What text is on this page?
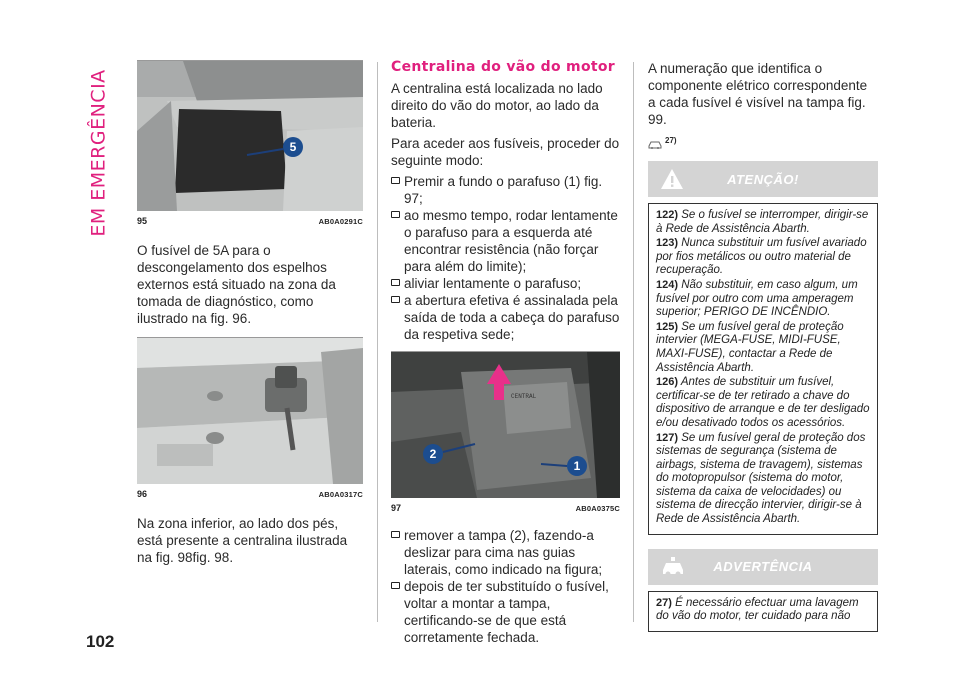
EM EMERGÊNCIA
102
5
95	AB0A0291C

O fusível de 5A para o descongelamento dos espelhos externos está situado na zona da tomada de diagnóstico, como ilustrado na fig. 96.

96	AB0A0317C

Na zona inferior, ao lado dos pés, está presente a centralina ilustrada na fig. 98fig. 98.

Centralina do vão do motor

A centralina está localizada no lado direito do vão do motor, ao lado da bateria.

Para aceder aos fusíveis, proceder do seguinte modo:

Premir a fundo o parafuso (1) fig. 97;
ao mesmo tempo, rodar lentamente o parafuso para a esquerda até encontrar resistência (não forçar para além do limite);
aliviar lentamente o parafuso;
a abertura efetiva é assinalada pela saída de toda a cabeça do parafuso da respetiva sede;
CENTRAL
2
1
97	AB0A0375C
remover a tampa (2), fazendo-a deslizar para cima nas guias laterais, como indicado na figura;
depois de ter substituído o fusível, voltar a montar a tampa, certificando-se de que está corretamente fechada.

A numeração que identifica o componente elétrico correspondente a cada fusível é visível na tampa fig. 99.

27)
ATENÇÃO!
122) Se o fusível se interromper, dirigir-se à Rede de Assistência Abarth.
123) Nunca substituir um fusível avariado por fios metálicos ou outro material de recuperação.
124) Não substituir, em caso algum, um fusível por outro com uma amperagem superior; PERIGO DE INCÊNDIO.
125) Se um fusível geral de proteção intervier (MEGA-FUSE, MIDI-FUSE, MAXI-FUSE), contactar a Rede de Assistência Abarth.
126) Antes de substituir um fusível, certificar-se de ter retirado a chave do dispositivo de arranque e de ter desligado e/ou desativado todos os acessórios.
127) Se um fusível geral de proteção dos sistemas de segurança (sistema de airbags, sistema de travagem), sistemas do motopropulsor (sistema do motor, sistema da caixa de velocidades) ou sistema de direcção intervier, dirigir-se à Rede de Assistência Abarth.
ADVERTÊNCIA
27) É necessário efectuar uma lavagem do vão do motor, ter cuidado para não
